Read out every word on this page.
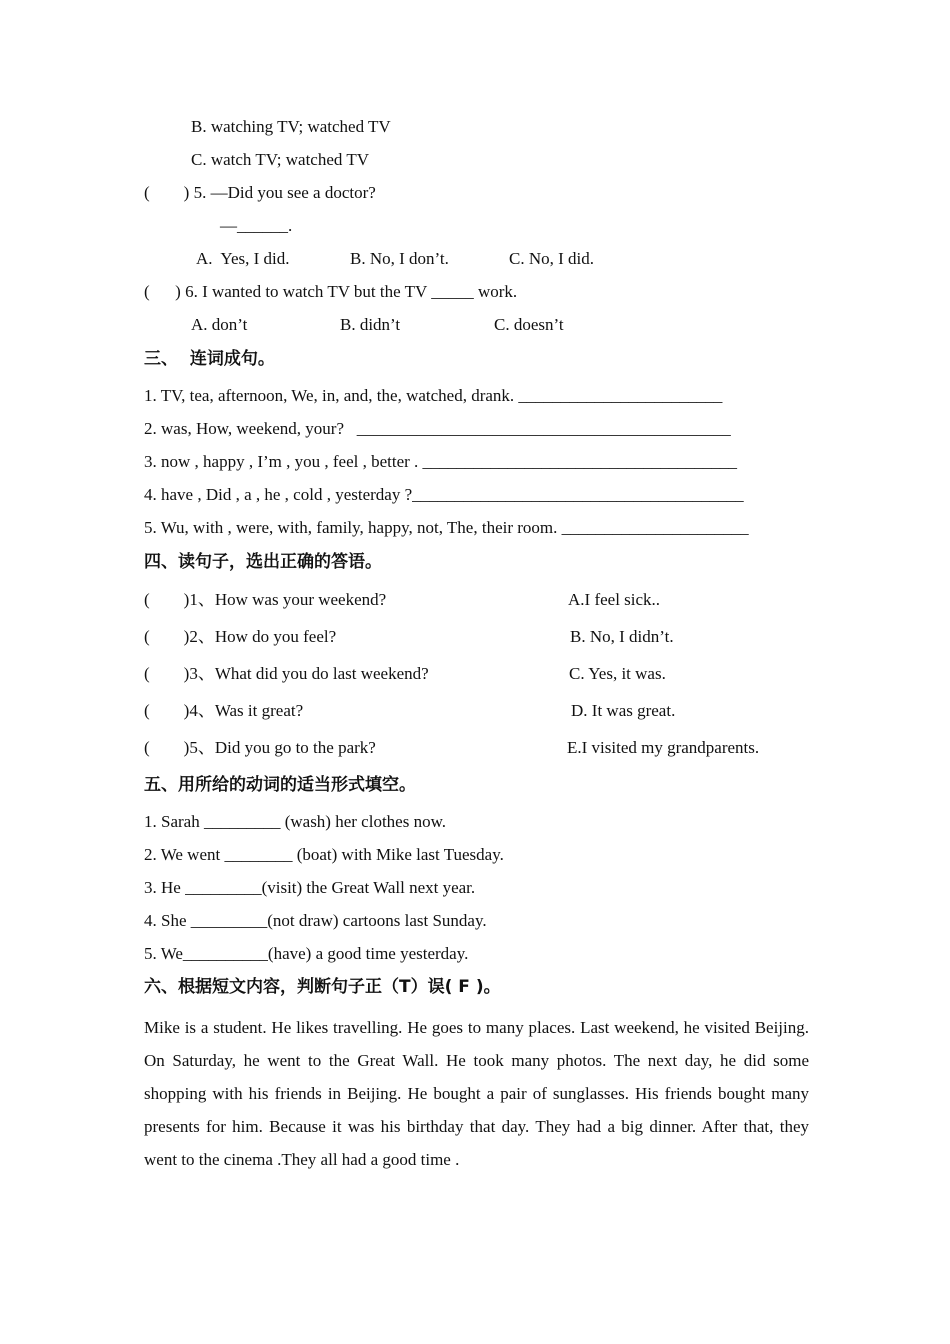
B. watching TV; watched TV
C. watch TV; watched TV
(        ) 5. —Did you see a doctor?
—______.
A.  Yes, I did.	B. No, I don’t.	C. No, I did.
(      ) 6. I wanted to watch TV but the TV _____ work.
A. don’t	B. didn’t	C. doesn’t
三、  连词成句。
1. TV, tea, afternoon, We, in, and, the, watched, drank. ________________________
2. was, How, weekend, your?   ____________________________________________
3. now , happy , I’m , you , feel , better . _____________________________________
4. have , Did , a , he , cold , yesterday ?_______________________________________
5. Wu, with , were, with, family, happy, not, The, their room. ______________________
四、读句子，选出正确的答语。
(        )1、How was your weekend?	A.I feel sick..
(        )2、How do you feel?	B. No, I didn’t.
(        )3、What did you do last weekend?	C. Yes, it was.
(        )4、Was it great?	D. It was great.
(        )5、Did you go to the park?	E.I visited my grandparents.
五、用所给的动词的适当形式填空。
1. Sarah _________ (wash) her clothes now.
2. We went ________ (boat) with Mike last Tuesday.
3. He _________(visit) the Great Wall next year.
4. She _________(not draw) cartoons last Sunday.
5. We__________(have) a good time yesterday.
六、根据短文内容，判断句子正（T）误( F )。
Mike is a student. He likes travelling. He goes to many places. Last weekend, he visited Beijing. On Saturday, he went to the Great Wall. He took many photos. The next day, he did some shopping with his friends in Beijing. He bought a pair of sunglasses. His friends bought many presents for him. Because it was his birthday that day. They had a big dinner. After that, they went to the cinema .They all had a good time .
